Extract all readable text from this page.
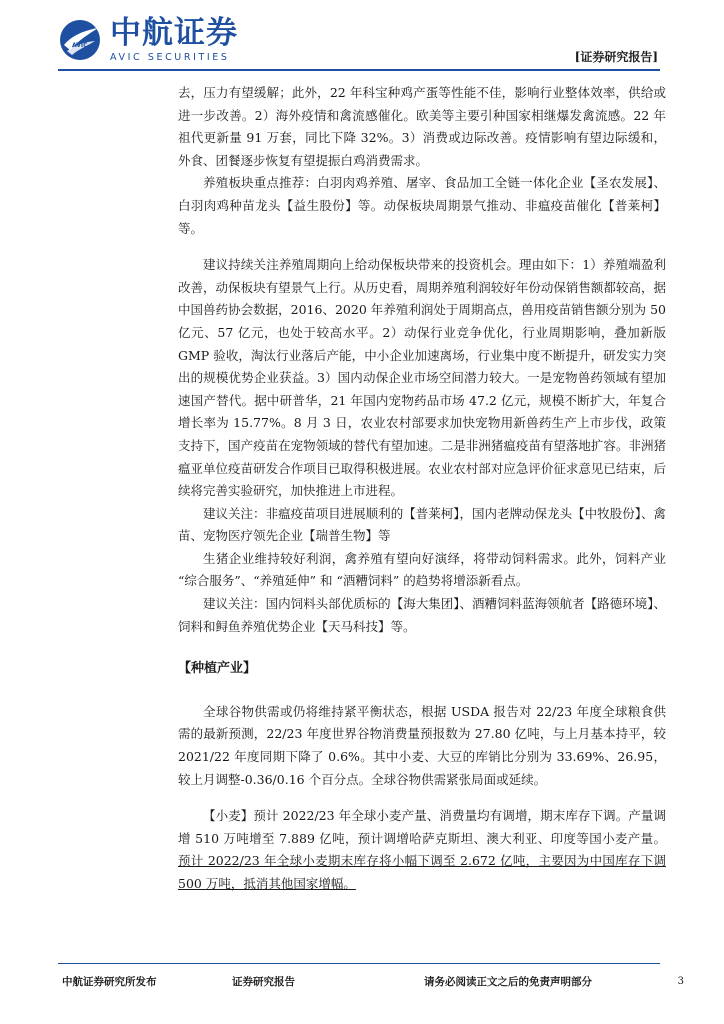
AVIC 中航证券
AVIC SECURITIES	[证券研究报告]

去，压力有望缓解；此外，22 年科宝种鸡产蛋等性能不佳，影响行业整体效率，供给或进一步改善。2）海外疫情和禽流感催化。欧美等主要引种国家相继爆发禽流感。22 年祖代更新量 91 万套，同比下降 32%。3）消费或边际改善。疫情影响有望边际缓和，外食、团餐逐步恢复有望提振白鸡消费需求。

养殖板块重点推荐：白羽肉鸡养殖、屠宰、食品加工全链一体化企业【圣农发展】、白羽肉鸡种苗龙头【益生股份】等。动保板块周期景气推动、非瘟疫苗催化【普莱柯】等。

建议持续关注养殖周期向上给动保板块带来的投资机会。理由如下：1）养殖端盈利改善，动保板块有望景气上行。从历史看，周期养殖利润较好年份动保销售额都较高，据中国兽药协会数据，2016、2020 年养殖利润处于周期高点，兽用疫苗销售额分别为 50 亿元、57 亿元，也处于较高水平。2）动保行业竞争优化，行业周期影响，叠加新版 GMP 验收，淘汰行业落后产能，中小企业加速离场，行业集中度不断提升，研发实力突出的规模优势企业获益。3）国内动保企业市场空间潜力较大。一是宠物兽药领域有望加速国产替代。据中研普华，21 年国内宠物药品市场 47.2 亿元，规模不断扩大，年复合增长率为 15.77%。8 月 3 日，农业农村部要求加快宠物用新兽药生产上市步伐，政策支持下，国产疫苗在宠物领域的替代有望加速。二是非洲猪瘟疫苗有望落地扩容。非洲猪瘟亚单位疫苗研发合作项目已取得积极进展。农业农村部对应急评价征求意见已结束，后续将完善实验研究，加快推进上市进程。

建议关注：非瘟疫苗项目进展顺利的【普莱柯】，国内老牌动保龙头【中牧股份】、禽苗、宠物医疗领先企业【瑞普生物】等

生猪企业维持较好利润，禽养殖有望向好演绎，将带动饲料需求。此外，饲料产业 “综合服务”、“养殖延伸” 和 “酒糟饲料” 的趋势将增添新看点。

建议关注：国内饲料头部优质标的【海大集团】、酒糟饲料蓝海领航者【路德环境】、饲料和鲟鱼养殖优势企业【天马科技】等。

【种植产业】

全球谷物供需或仍将维持紧平衡状态，根据 USDA 报告对 22/23 年度全球粮食供需的最新预测，22/23 年度世界谷物消费量预报数为 27.80 亿吨，与上月基本持平，较 2021/22 年度同期下降了 0.6%。其中小麦、大豆的库销比分别为 33.69%、26.95，较上月调整-0.36/0.16 个百分点。全球谷物供需紧张局面或延续。

【小麦】预计 2022/23 年全球小麦产量、消费量均有调增，期末库存下调。产量调增 510 万吨增至 7.889 亿吨，预计调增哈萨克斯坦、澳大利亚、印度等国小麦产量。预计 2022/23 年全球小麦期末库存将小幅下调至 2.672 亿吨，主要因为中国库存下调 500 万吨，抵消其他国家增幅。

中航证券研究所发布	证券研究报告	请务必阅读正文之后的免责声明部分	3
